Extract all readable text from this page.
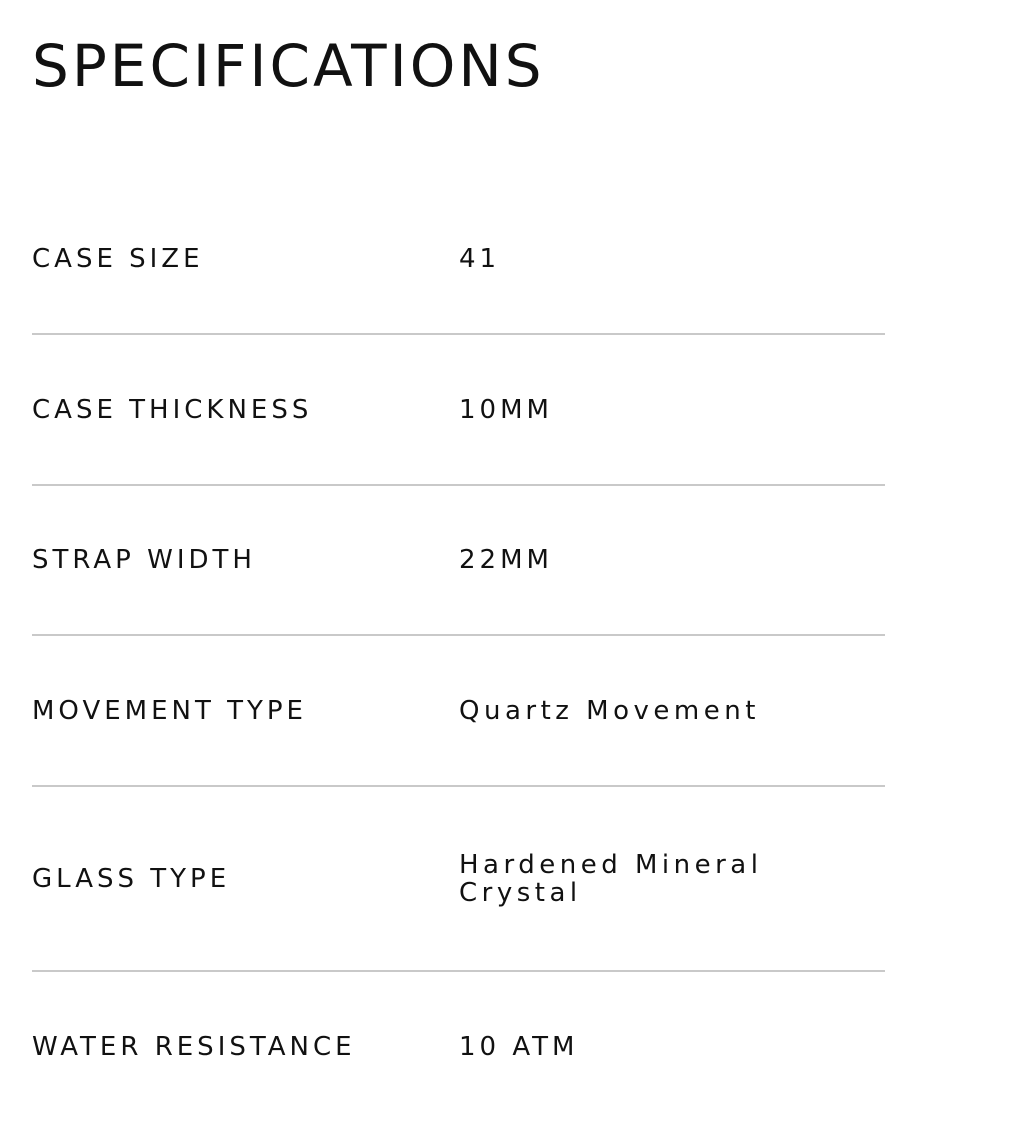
SPECIFICATIONS
CASE SIZE	41
CASE THICKNESS	10MM
STRAP WIDTH	22MM
MOVEMENT TYPE	Quartz Movement
GLASS TYPE	Hardened Mineral Crystal
WATER RESISTANCE	10 ATM
